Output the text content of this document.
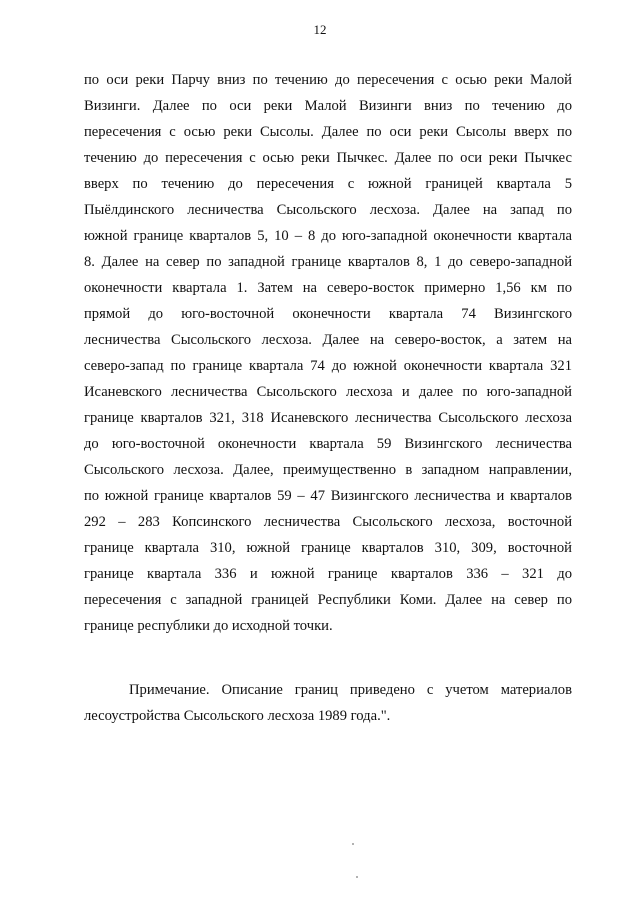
12
по оси реки Парчу вниз по течению до пересечения с осью реки Малой
Визинги. Далее по оси реки Малой Визинги вниз по течению до
пересечения с осью реки Сысолы. Далее по оси реки Сысолы вверх по
течению до пересечения с осью реки Пычкес. Далее по оси реки Пычкес
вверх по течению до пересечения с южной границей квартала 5
Пыёлдинского лесничества Сысольского лесхоза. Далее на запад по
южной границе кварталов 5, 10 – 8 до юго-западной оконечности квартала
8. Далее на север по западной границе кварталов 8, 1 до северо-западной
оконечности квартала 1. Затем на северо-восток примерно 1,56 км по
прямой до юго-восточной оконечности квартала 74 Визингского
лесничества Сысольского лесхоза. Далее на северо-восток, а затем на
северо-запад по границе квартала 74 до южной оконечности квартала 321
Исаневского лесничества Сысольского лесхоза и далее по юго-западной
границе кварталов 321, 318 Исаневского лесничества Сысольского лесхоза
до юго-восточной оконечности квартала 59 Визингского лесничества
Сысольского лесхоза. Далее, преимущественно в западном направлении,
по южной границе кварталов 59 – 47 Визингского лесничества и кварталов
292 – 283 Копсинского лесничества Сысольского лесхоза, восточной
границе квартала 310, южной границе кварталов 310, 309, восточной
границе квартала 336 и южной границе кварталов 336 – 321 до
пересечения с западной границей Республики Коми. Далее на север по
границе республики до исходной точки.
Примечание. Описание границ приведено с учетом материалов
лесоустройства Сысольского лесхоза 1989 года.".
